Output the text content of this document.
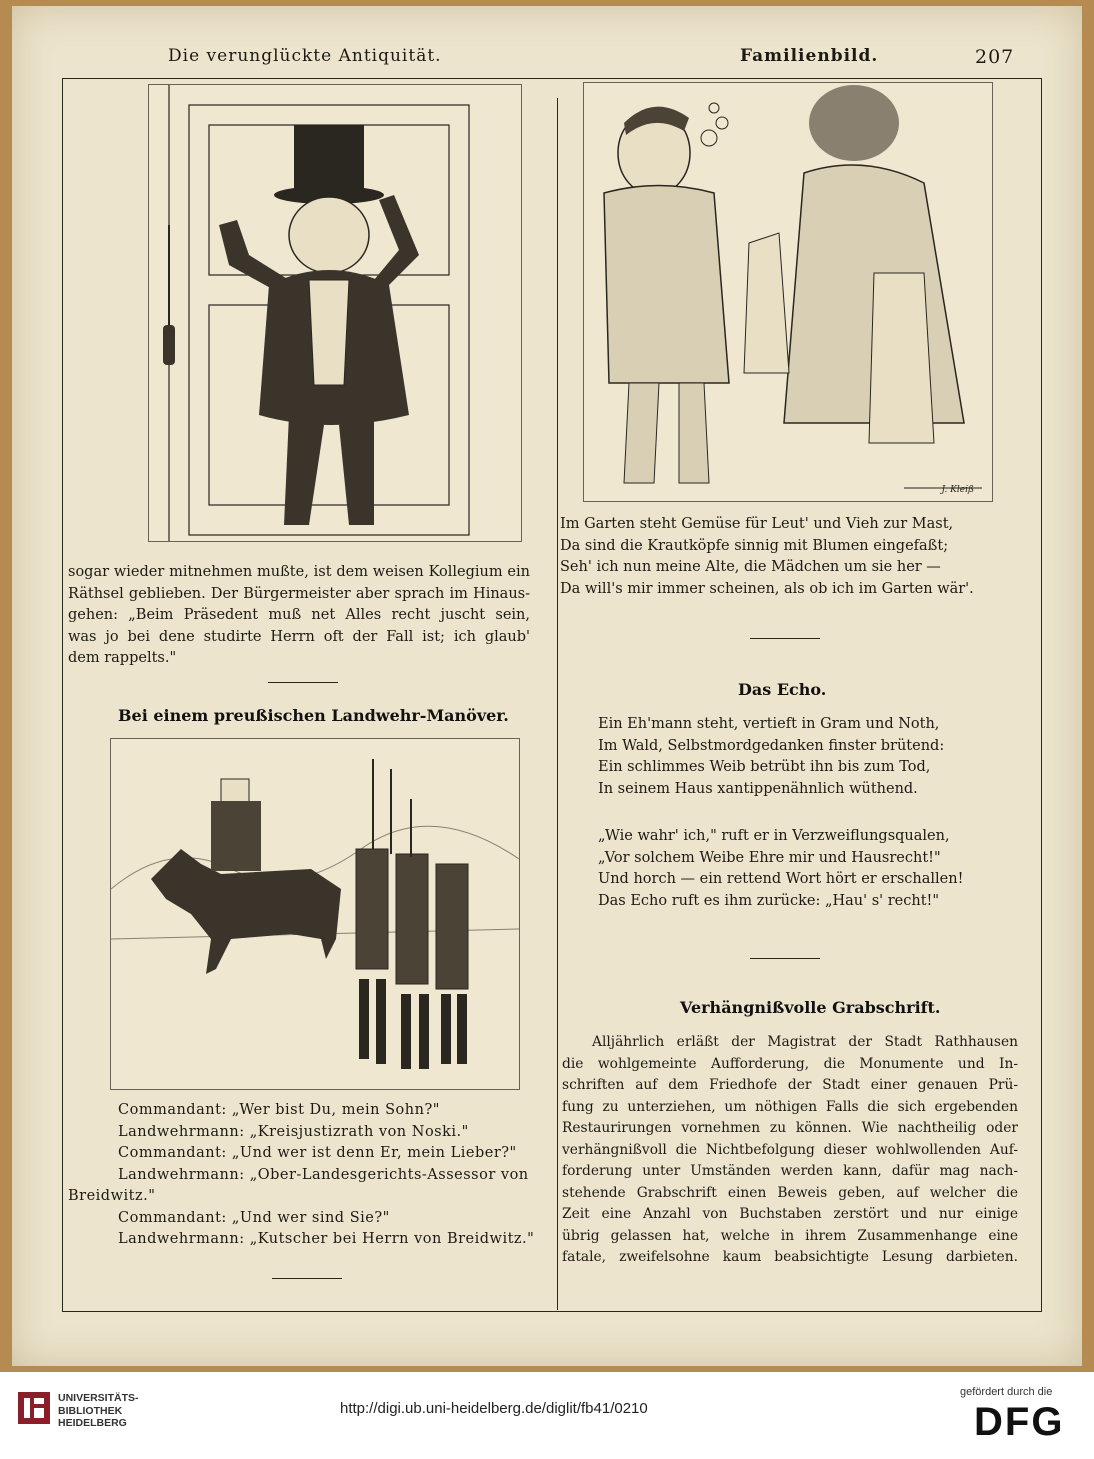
Die verunglückte Antiquität.	Familienbild.	207
sogar wieder mitnehmen mußte, ist dem weisen Kollegium ein
Räthsel geblieben. Der Bürgermeister aber sprach im Hinaus-
gehen: „Beim Präsedent muß net Alles recht juscht sein,
was jo bei dene studirte Herrn oft der Fall ist; ich glaub'
dem rappelts."
Bei einem preußischen Landwehr-Manöver.
Commandant: „Wer bist Du, mein Sohn?"
Landwehrmann: „Kreisjustizrath von Noski."
Commandant: „Und wer ist denn Er, mein Lieber?"
Landwehrmann: „Ober-Landesgerichts-Assessor von
Breidwitz."
Commandant: „Und wer sind Sie?"
Landwehrmann: „Kutscher bei Herrn von Breidwitz."
J. Kleiß
Im Garten steht Gemüse für Leut' und Vieh zur Mast,
Da sind die Krautköpfe sinnig mit Blumen eingefaßt;
Seh' ich nun meine Alte, die Mädchen um sie her —
Da will's mir immer scheinen, als ob ich im Garten wär'.
Das Echo.
Ein Eh'mann steht, vertieft in Gram und Noth,
Im Wald, Selbstmordgedanken finster brütend:
Ein schlimmes Weib betrübt ihn bis zum Tod,
In seinem Haus xantippenähnlich wüthend.
„Wie wahr' ich," ruft er in Verzweiflungsqualen,
„Vor solchem Weibe Ehre mir und Hausrecht!"
Und horch — ein rettend Wort hört er erschallen!
Das Echo ruft es ihm zurücke: „Hau' s' recht!"
Verhängnißvolle Grabschrift.
Alljährlich erläßt der Magistrat der Stadt Rathhausen
die wohlgemeinte Aufforderung, die Monumente und In-
schriften auf dem Friedhofe der Stadt einer genauen Prü-
fung zu unterziehen, um nöthigen Falls die sich ergebenden
Restaurirungen vornehmen zu können. Wie nachtheilig oder
verhängnißvoll die Nichtbefolgung dieser wohlwollenden Auf-
forderung unter Umständen werden kann, dafür mag nach-
stehende Grabschrift einen Beweis geben, auf welcher die
Zeit eine Anzahl von Buchstaben zerstört und nur einige
übrig gelassen hat, welche in ihrem Zusammenhange eine
fatale, zweifelsohne kaum beabsichtigte Lesung darbieten.
UNIVERSITÄTS-
BIBLIOTHEK
HEIDELBERG
http://digi.ub.uni-heidelberg.de/diglit/fb41/0210
gefördert durch die
DFG
